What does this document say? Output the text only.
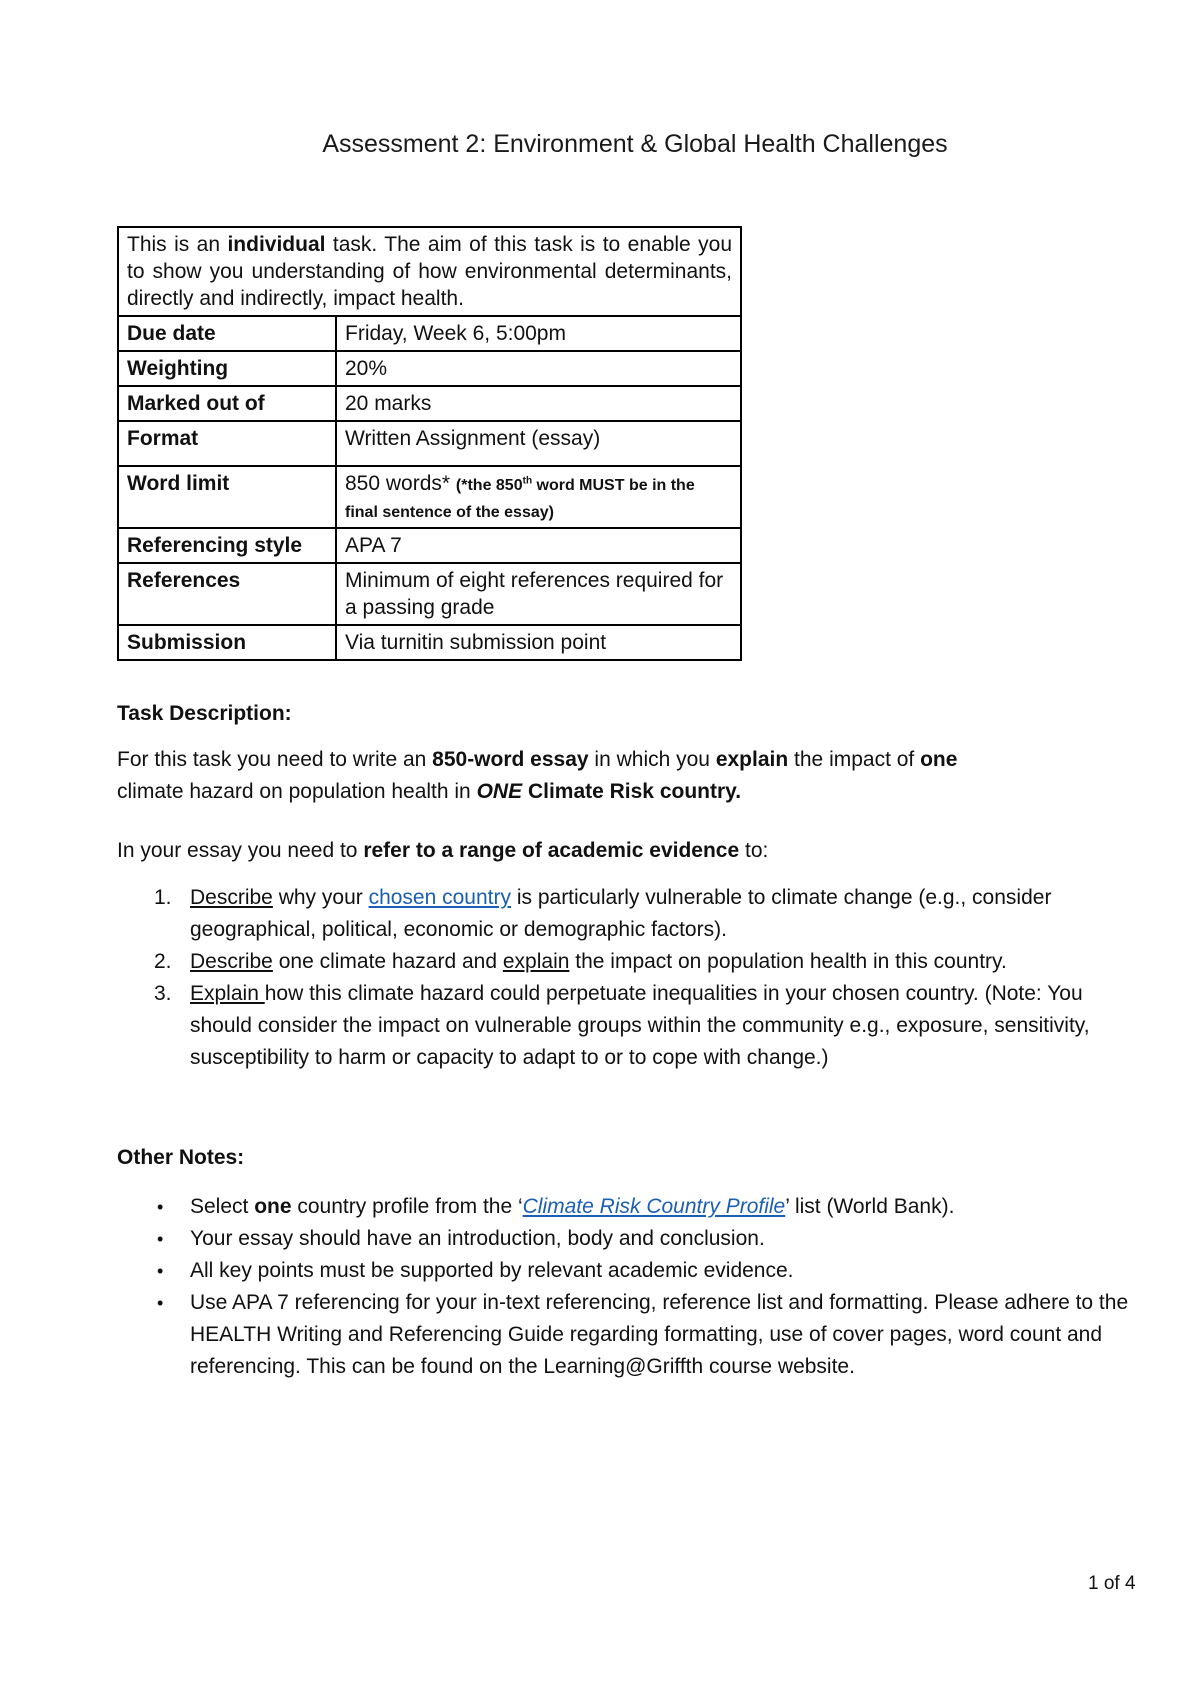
Assessment 2: Environment & Global Health Challenges
This is an individual task. The aim of this task is to enable you to show you understanding of how environmental determinants, directly and indirectly, impact health.	
Due date	Friday, Week 6, 5:00pm
Weighting	20%
Marked out of	20 marks
Format	Written Assignment (essay)
Word limit	850 words* (*the 850th word MUST be in the final sentence of the essay)
Referencing style	APA 7
References	Minimum of eight references required for a passing grade
Submission	Via turnitin submission point
Task Description:
For this task you need to write an 850-word essay in which you explain the impact of one
climate hazard on population health in ONE Climate Risk country.
In your essay you need to refer to a range of academic evidence to:
1. Describe why your chosen country is particularly vulnerable to climate change (e.g., consider geographical, political, economic or demographic factors).
2. Describe one climate hazard and explain the impact on population health in this country.
3. Explain how this climate hazard could perpetuate inequalities in your chosen country. (Note: You should consider the impact on vulnerable groups within the community e.g., exposure, sensitivity, susceptibility to harm or capacity to adapt to or to cope with change.)
Other Notes:
• Select one country profile from the ‘Climate Risk Country Profile’ list (World Bank).
• Your essay should have an introduction, body and conclusion.
• All key points must be supported by relevant academic evidence.
• Use APA 7 referencing for your in-text referencing, reference list and formatting. Please adhere to the HEALTH Writing and Referencing Guide regarding formatting, use of cover pages, word count and referencing. This can be found on the Learning@Griffth course website.
1 of 4
